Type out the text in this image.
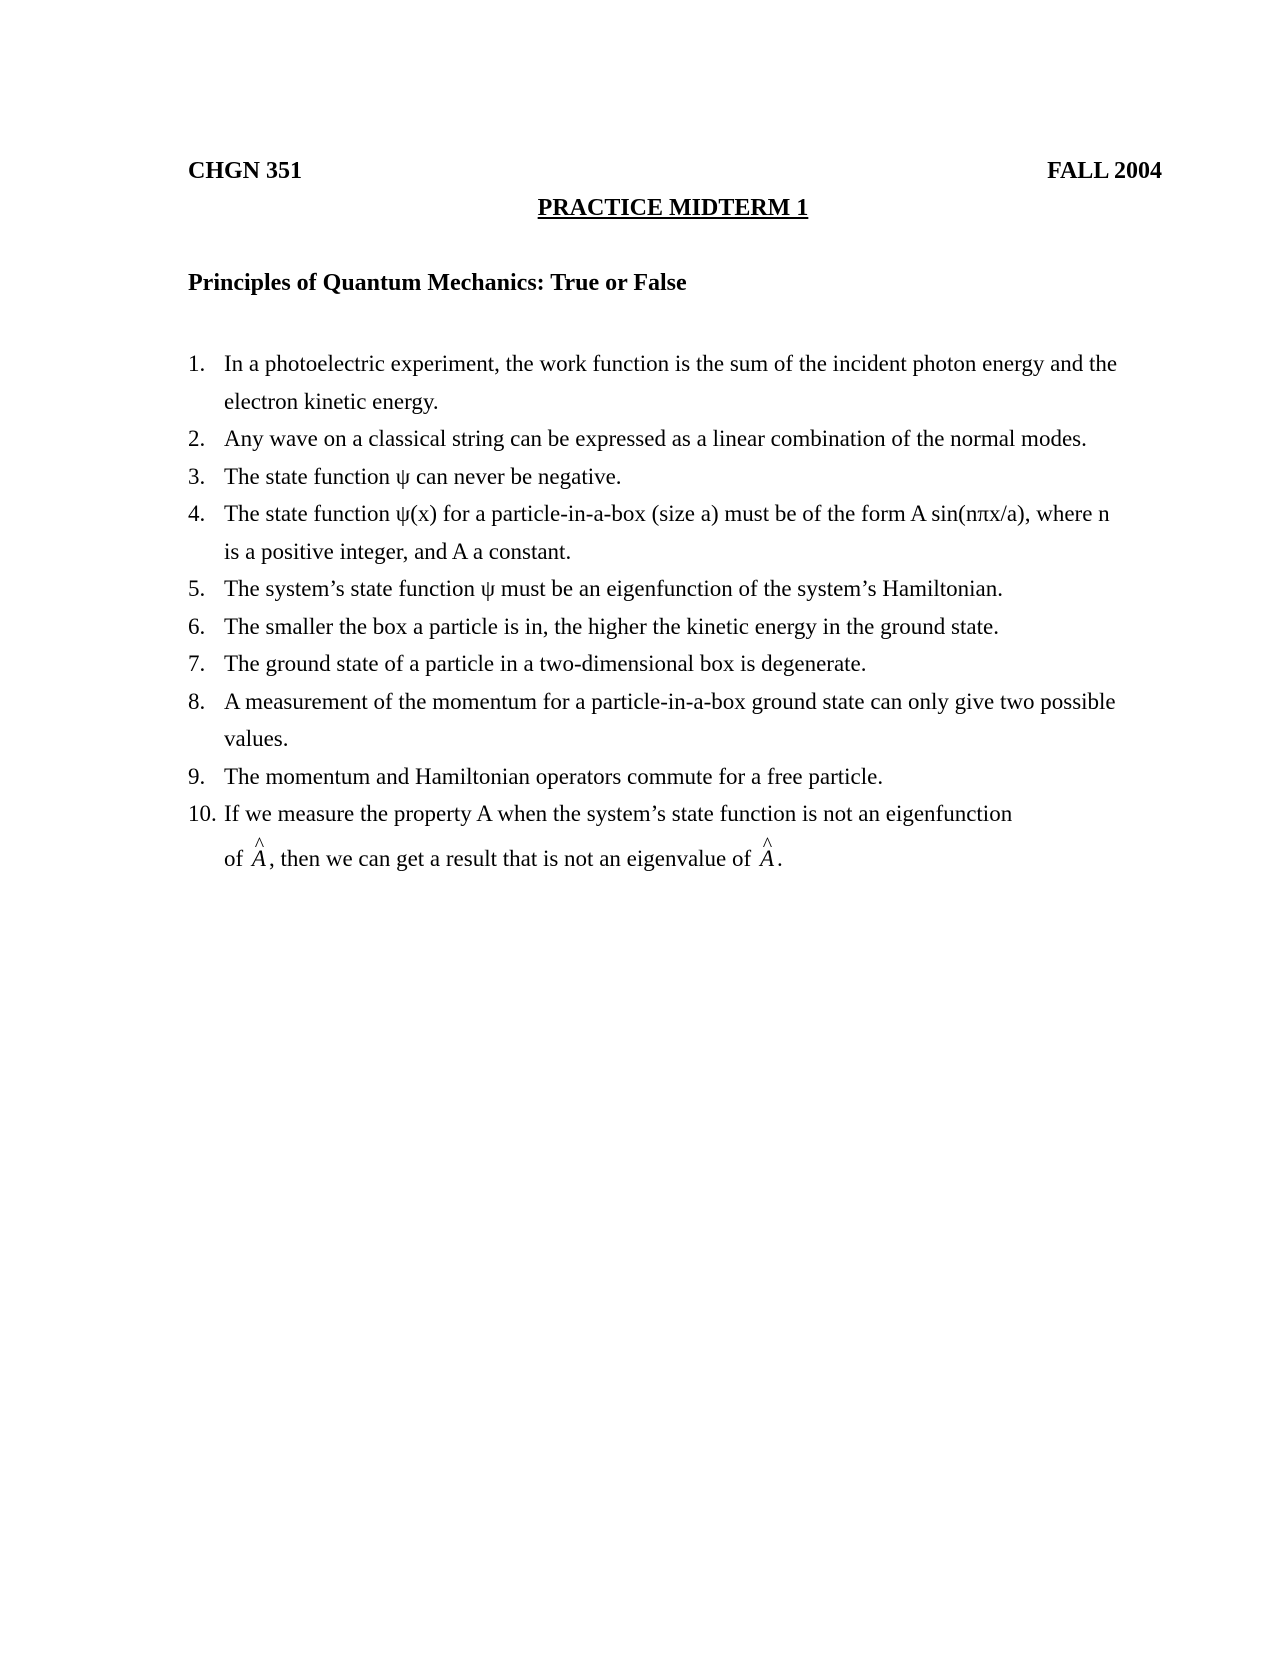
CHGN 351	FALL 2004
PRACTICE MIDTERM 1
Principles of Quantum Mechanics: True or False
1. In a photoelectric experiment, the work function is the sum of the incident photon energy and the electron kinetic energy.
2. Any wave on a classical string can be expressed as a linear combination of the normal modes.
3. The state function ψ can never be negative.
4. The state function ψ(x) for a particle-in-a-box (size a) must be of the form A sin(nπx/a), where n is a positive integer, and A a constant.
5. The system’s state function ψ must be an eigenfunction of the system’s Hamiltonian.
6. The smaller the box a particle is in, the higher the kinetic energy in the ground state.
7. The ground state of a particle in a two-dimensional box is degenerate.
8. A measurement of the momentum for a particle-in-a-box ground state can only give two possible values.
9. The momentum and Hamiltonian operators commute for a free particle.
10. If we measure the property A when the system’s state function is not an eigenfunction
of ^ A , then we can get a result that is not an eigenvalue of ^ A .
